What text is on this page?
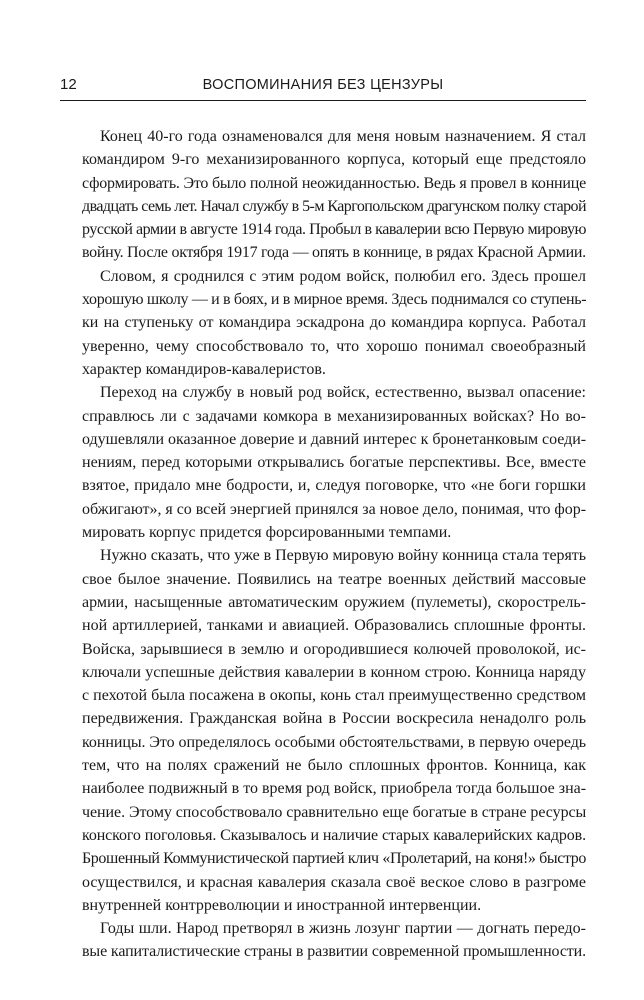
12	ВОСПОМИНАНИЯ БЕЗ ЦЕНЗУРЫ
Конец 40-го года ознаменовался для меня новым назначением. Я стал
командиром 9-го механизированного корпуса, который еще предстояло
сформировать. Это было полной неожиданностью. Ведь я провел в коннице
двадцать семь лет. Начал службу в 5-м Каргопольском драгунском полку старой
русской армии в августе 1914 года. Пробыл в кавалерии всю Первую мировую
войну. После октября 1917 года — опять в коннице, в рядах Красной Армии.
Словом, я сроднился с этим родом войск, полюбил его. Здесь прошел
хорошую школу — и в боях, и в мирное время. Здесь поднимался со ступень-
ки на ступеньку от командира эскадрона до командира корпуса. Работал
уверенно, чему способствовало то, что хорошо понимал своеобразный
характер командиров-кавалеристов.
Переход на службу в новый род войск, естественно, вызвал опасение:
справлюсь ли с задачами комкора в механизированных войсках? Но во-
одушевляли оказанное доверие и давний интерес к бронетанковым соеди-
нениям, перед которыми открывались богатые перспективы. Все, вместе
взятое, придало мне бодрости, и, следуя поговорке, что «не боги горшки
обжигают», я со всей энергией принялся за новое дело, понимая, что фор-
мировать корпус придется форсированными темпами.
Нужно сказать, что уже в Первую мировую войну конница стала терять
свое былое значение. Появились на театре военных действий массовые
армии, насыщенные автоматическим оружием (пулеметы), скорострель-
ной артиллерией, танками и авиацией. Образовались сплошные фронты.
Войска, зарывшиеся в землю и огородившиеся колючей проволокой, ис-
ключали успешные действия кавалерии в конном строю. Конница наряду
с пехотой была посажена в окопы, конь стал преимущественно средством
передвижения. Гражданская война в России воскресила ненадолго роль
конницы. Это определялось особыми обстоятельствами, в первую очередь
тем, что на полях сражений не было сплошных фронтов. Конница, как
наиболее подвижный в то время род войск, приобрела тогда большое зна-
чение. Этому способствовало сравнительно еще богатые в стране ресурсы
конского поголовья. Сказывалось и наличие старых кавалерийских кадров.
Брошенный Коммунистической партией клич «Пролетарий, на коня!» быстро
осуществился, и красная кавалерия сказала своё веское слово в разгроме
внутренней контрреволюции и иностранной интервенции.
Годы шли. Народ претворял в жизнь лозунг партии — догнать передо-
вые капиталистические страны в развитии современной промышленности.
